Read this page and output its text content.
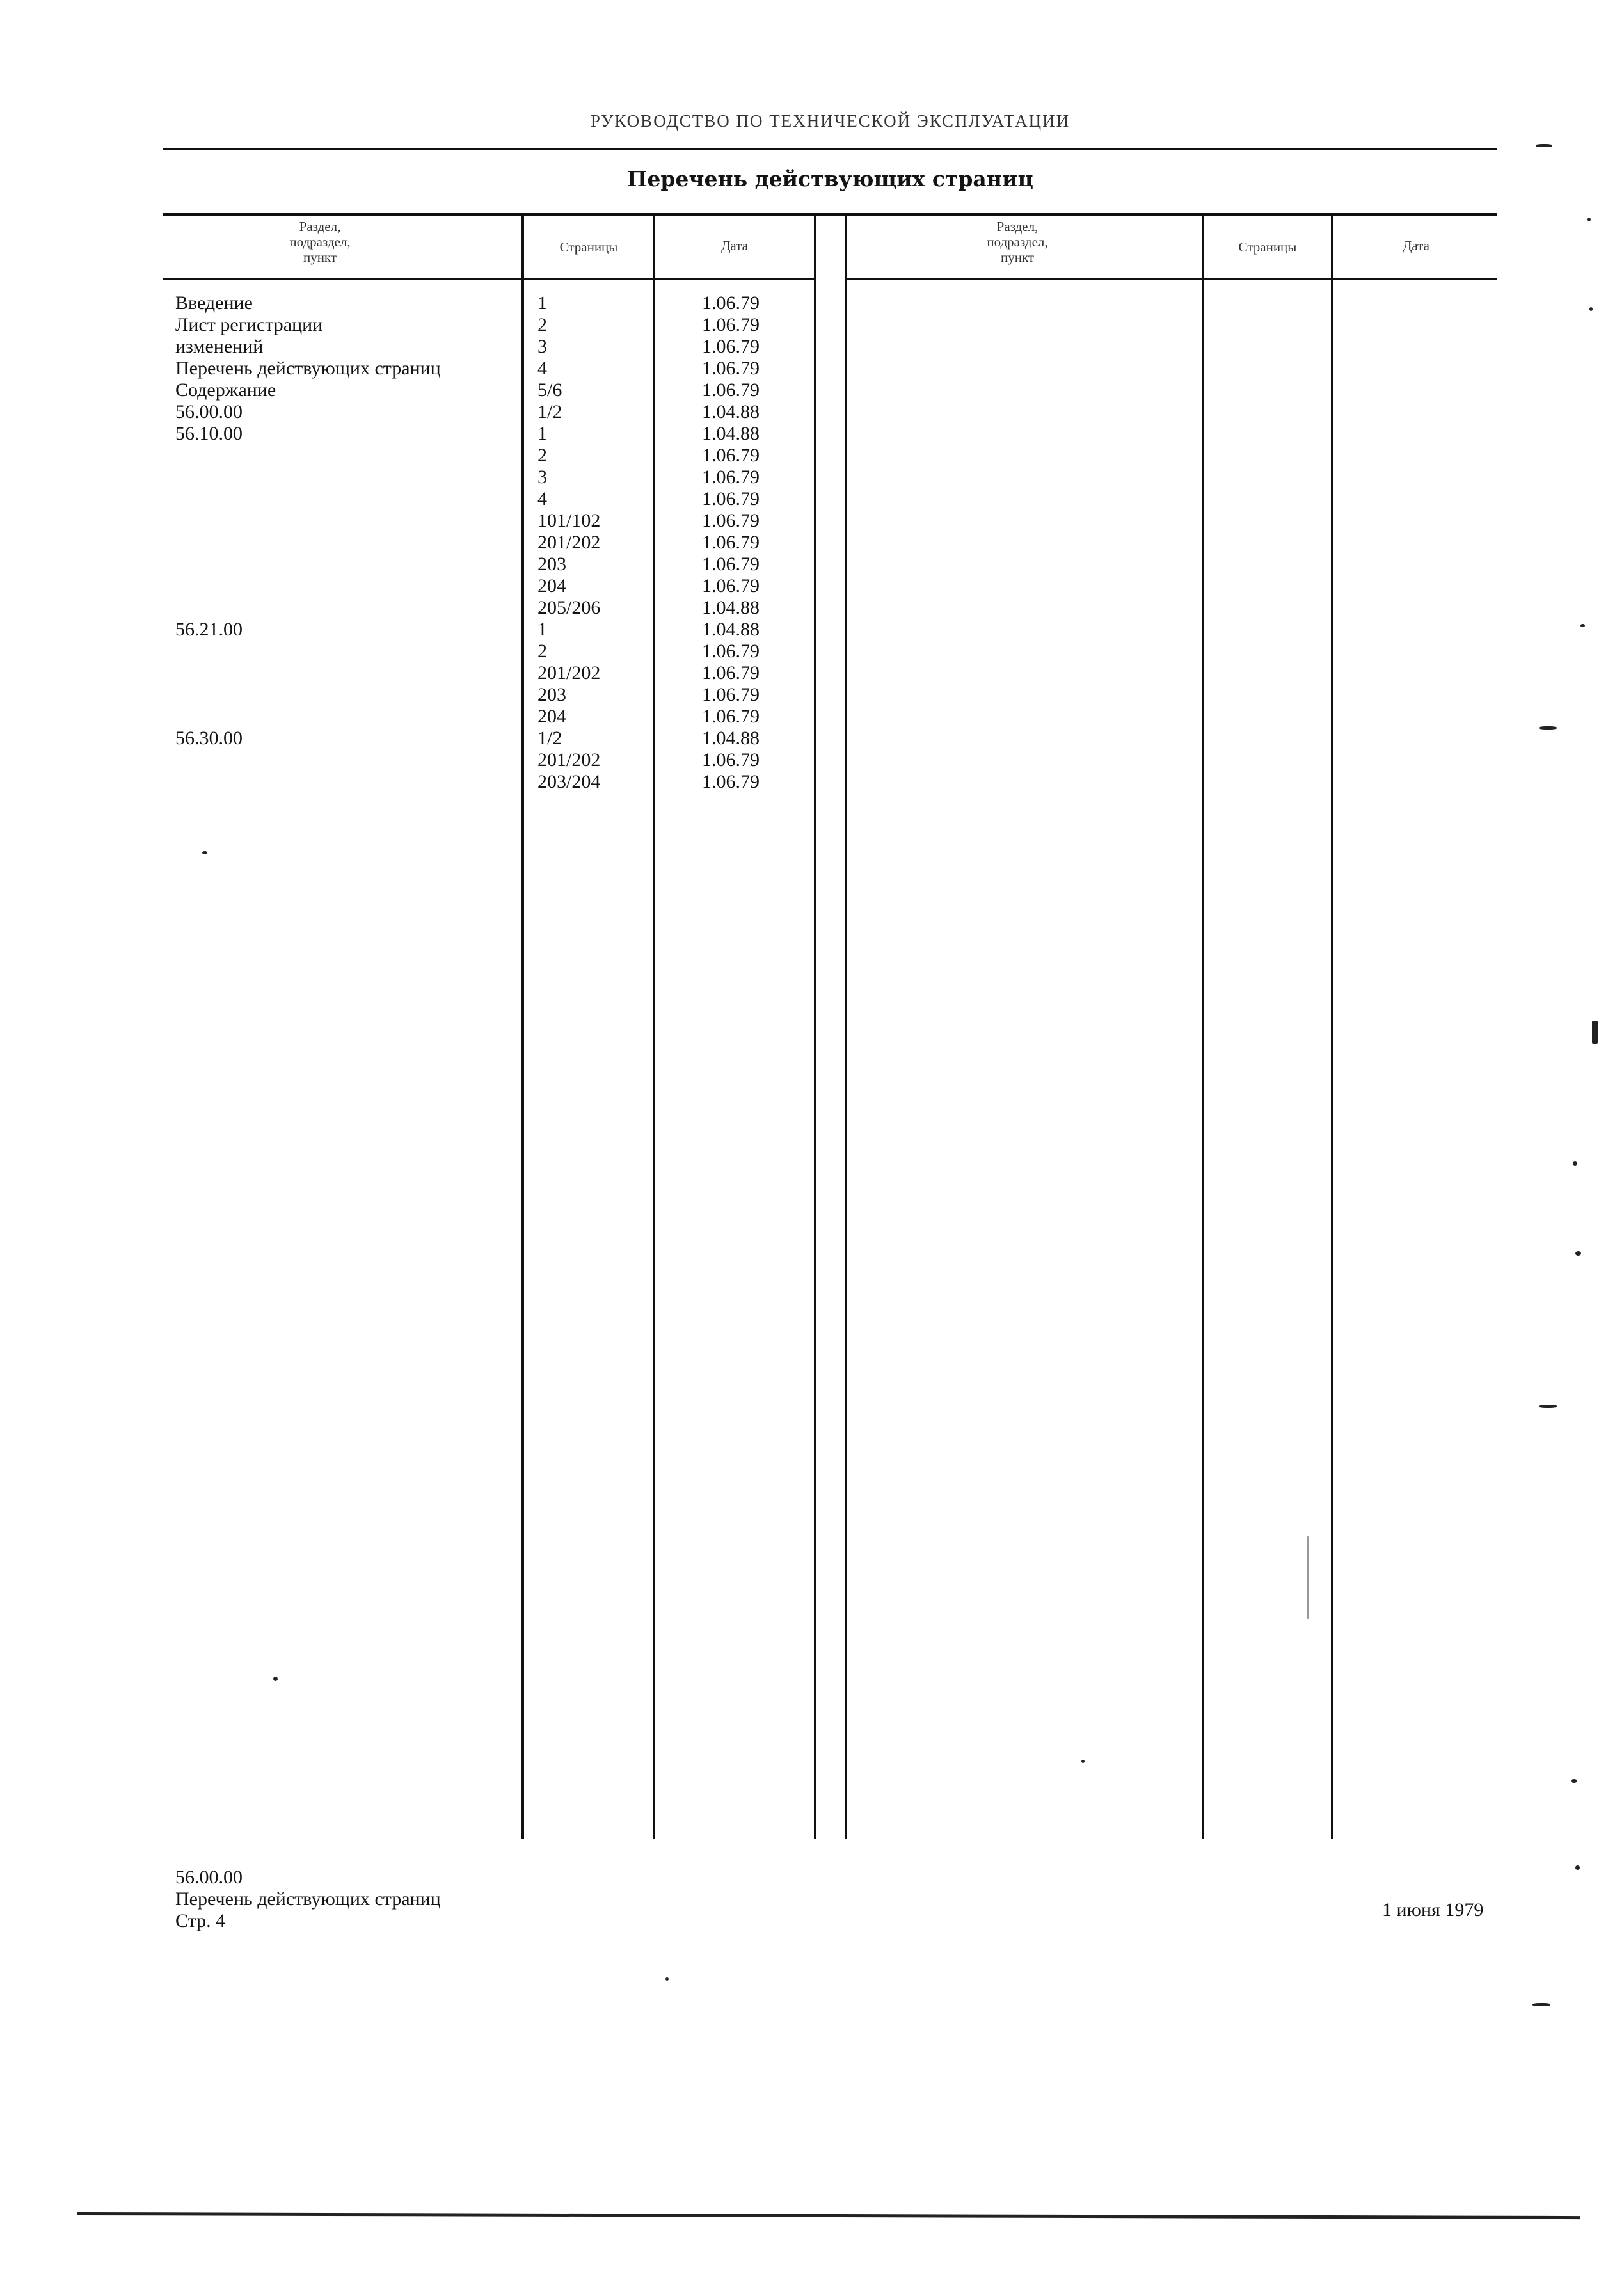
РУКОВОДСТВО ПО ТЕХНИЧЕСКОЙ ЭКСПЛУАТАЦИИ
Перечень действующих страниц
Раздел, подраздел, пункт
Страницы	Дата
Раздел, подраздел, пункт
Страницы	Дата
Введение	1	1.06.79
Лист регистрации	2	1.06.79
изменений	3	1.06.79
Перечень действующих страниц	4	1.06.79
Содержание	5/6	1.06.79
56.00.00	1/2	1.04.88
56.10.00	1	1.04.88
2	1.06.79
3	1.06.79
4	1.06.79
101/102	1.06.79
201/202	1.06.79
203	1.06.79
204	1.06.79
205/206	1.04.88
56.21.00	1	1.04.88
2	1.06.79
201/202	1.06.79
203	1.06.79
204	1.06.79
56.30.00	1/2	1.04.88
201/202	1.06.79
203/204	1.06.79
56.00.00
Перечень действующих страниц
Стр. 4
1 июня 1979
